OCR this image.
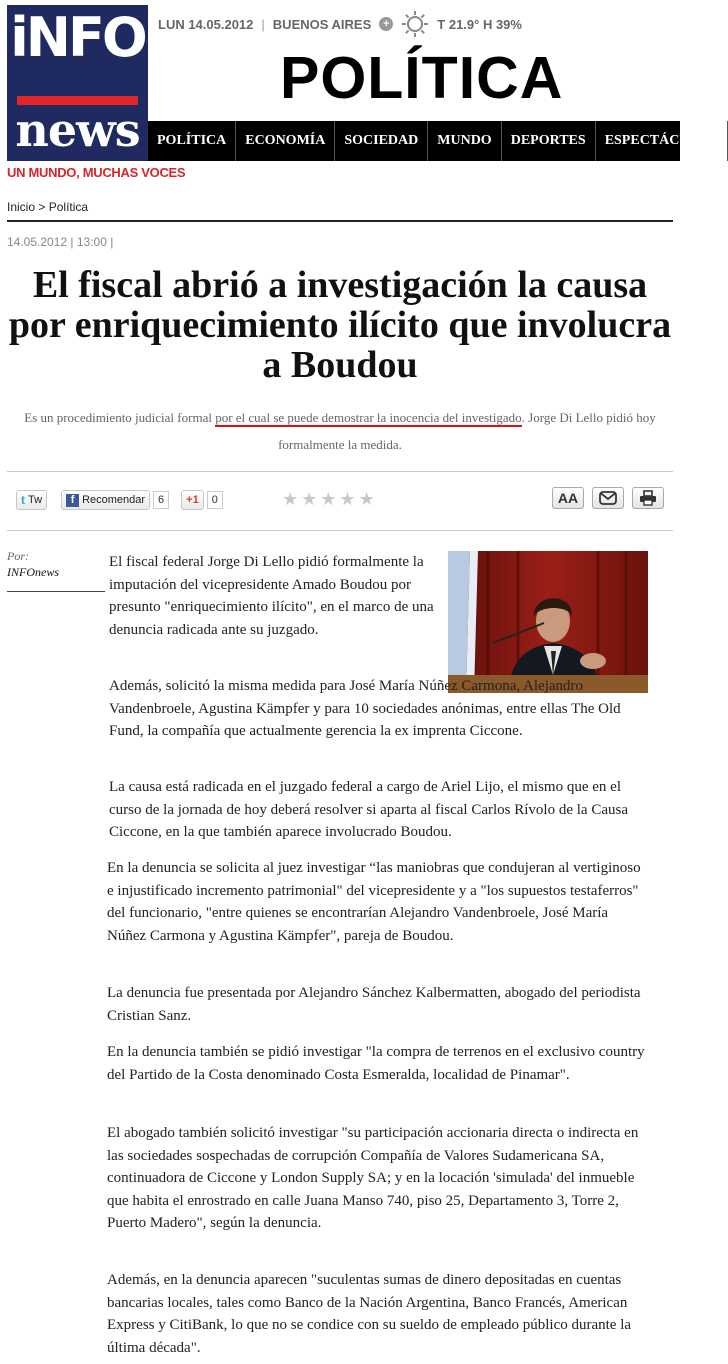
iNFO
news
UN MUNDO, MUCHAS VOCES
LUN 14.05.2012 | BUENOS AIRES	+	T 21.9° H 39%
POLÍTICA
POLÍTICA	ECONOMÍA	SOCIEDAD	MUNDO	DEPORTES	ESPECTÁCULOS
Inicio > Política
14.05.2012 | 13:00 |
El fiscal abrió a investigación la causa por enriquecimiento ilícito que involucra a Boudou
Es un procedimiento judicial formal por el cual se puede demostrar la inocencia del investigado. Jorge Di Lello pidió hoy formalmente la medida.
t Tw	f Recomendar	6	+1	0	★ ★ ★ ★ ★	AA
Por:
INFOnews

El fiscal federal Jorge Di Lello pidió formalmente la imputación del vicepresidente Amado Boudou por presunto "enriquecimiento ilícito", en el marco de una denuncia radicada ante su juzgado.

Además, solicitó la misma medida para José María Núñez Carmona, Alejandro Vandenbroele, Agustina Kämpfer y para 10 sociedades anónimas, entre ellas The Old Fund, la compañía que actualmente gerencia la ex imprenta Ciccone.

La causa está radicada en el juzgado federal a cargo de Ariel Lijo, el mismo que en el curso de la jornada de hoy deberá resolver si aparta al fiscal Carlos Rívolo de la Causa Ciccone, en la que también aparece involucrado Boudou.

En la denuncia se solicita al juez investigar “las maniobras que condujeran al vertiginoso e injustificado incremento patrimonial" del vicepresidente y a "los supuestos testaferros" del funcionario, "entre quienes se encontrarían Alejandro Vandenbroele, José María Núñez Carmona y Agustina Kämpfer", pareja de Boudou.

La denuncia fue presentada por Alejandro Sánchez Kalbermatten, abogado del periodista Cristian Sanz.

En la denuncia también se pidió investigar "la compra de terrenos en el exclusivo country del Partido de la Costa denominado Costa Esmeralda, localidad de Pinamar".

El abogado también solicitó investigar "su participación accionaria directa o indirecta en las sociedades sospechadas de corrupción Compañía de Valores Sudamericana SA, continuadora de Ciccone y London Supply SA; y en la locación 'simulada' del inmueble que habita el enrostrado en calle Juana Manso 740, piso 25, Departamento 3, Torre 2, Puerto Madero", según la denuncia.

Además, en la denuncia aparecen "suculentas sumas de dinero depositadas en cuentas bancarias locales, tales como Banco de la Nación Argentina, Banco Francés, American Express y CitiBank, lo que no se condice con su sueldo de empleado público durante la última década".
